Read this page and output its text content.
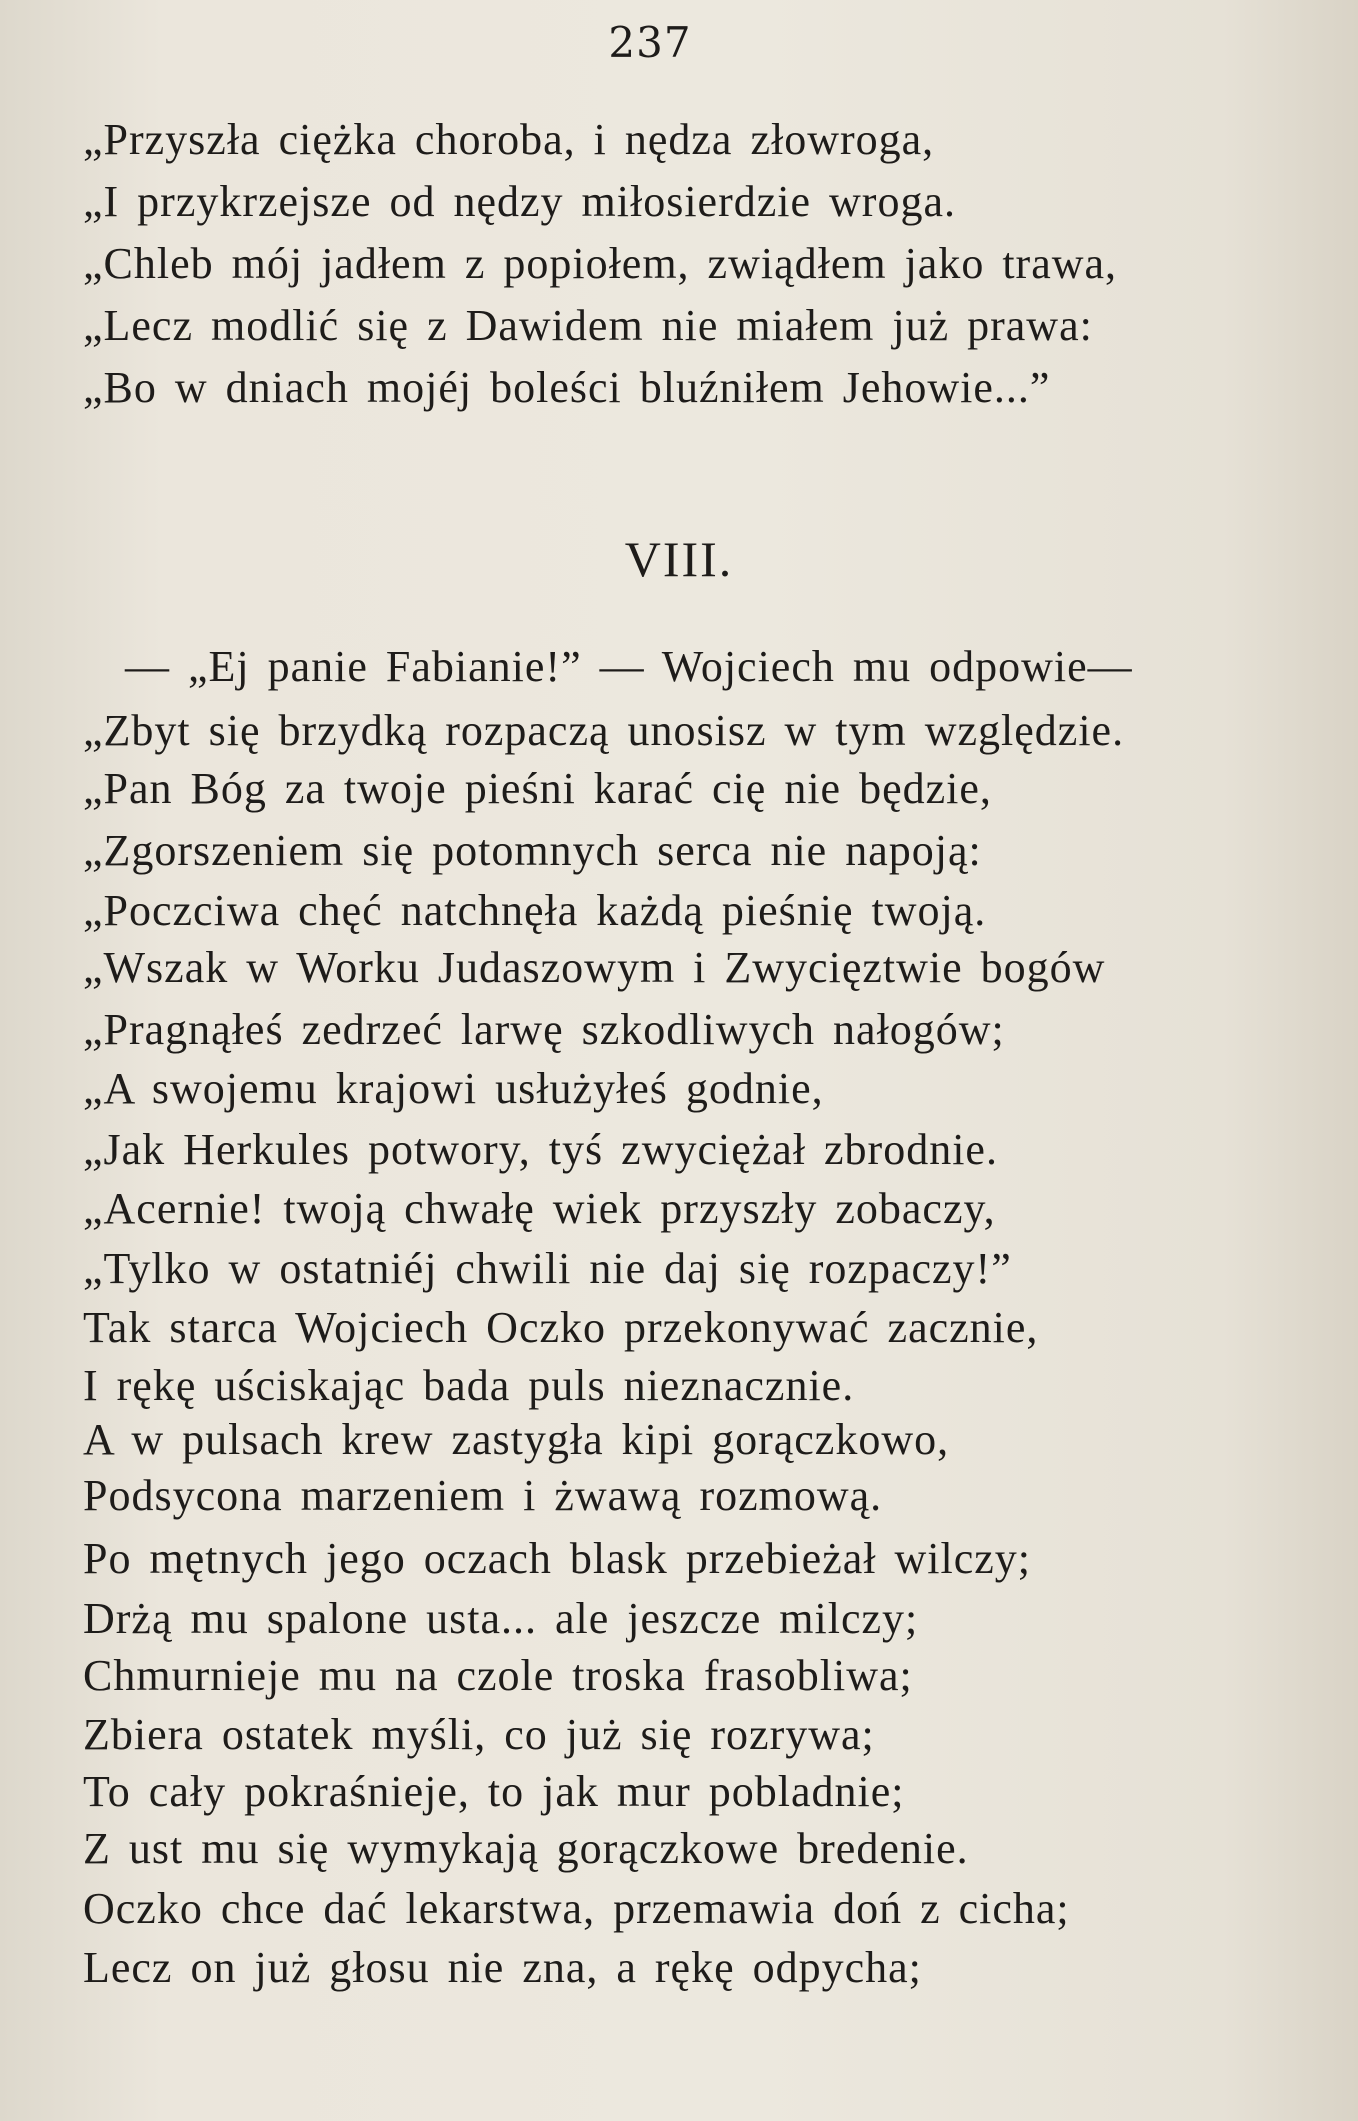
237
„Przyszła ciężka choroba, i nędza złowroga,
„I przykrzejsze od nędzy miłosierdzie wroga.
„Chleb mój jadłem z popiołem, zwiądłem jako trawa,
„Lecz modlić się z Dawidem nie miałem już prawa:
„Bo w dniach mojéj boleści bluźniłem Jehowie...”
VIII.
— „Ej panie Fabianie!” — Wojciech mu odpowie—
„Zbyt się brzydką rozpaczą unosisz w tym względzie.
„Pan Bóg za twoje pieśni karać cię nie będzie,
„Zgorszeniem się potomnych serca nie napoją:
„Poczciwa chęć natchnęła każdą pieśnię twoją.
„Wszak w Worku Judaszowym i Zwycięztwie bogów
„Pragnąłeś zedrzeć larwę szkodliwych nałogów;
„A swojemu krajowi usłużyłeś godnie,
„Jak Herkules potwory, tyś zwyciężał zbrodnie.
„Acernie! twoją chwałę wiek przyszły zobaczy,
„Tylko w ostatniéj chwili nie daj się rozpaczy!”
Tak starca Wojciech Oczko przekonywać zacznie,
I rękę uściskając bada puls nieznacznie.
A w pulsach krew zastygła kipi gorączkowo,
Podsycona marzeniem i żwawą rozmową.
Po mętnych jego oczach blask przebieżał wilczy;
Drżą mu spalone usta... ale jeszcze milczy;
Chmurnieje mu na czole troska frasobliwa;
Zbiera ostatek myśli, co już się rozrywa;
To cały pokraśnieje, to jak mur pobladnie;
Z ust mu się wymykają gorączkowe bredenie.
Oczko chce dać lekarstwa, przemawia doń z cicha;
Lecz on już głosu nie zna, a rękę odpycha;
